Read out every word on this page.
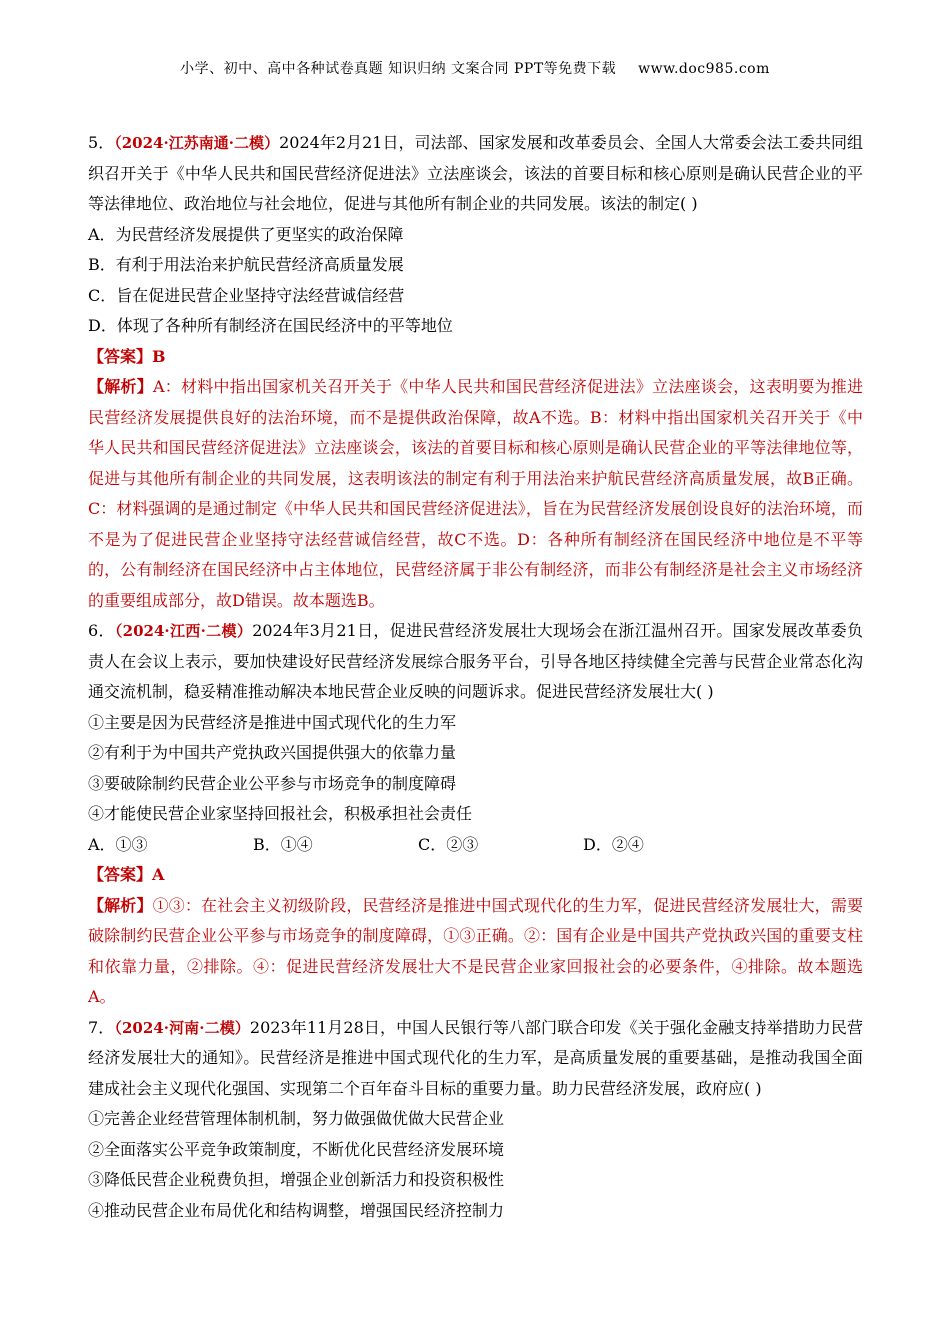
小学、初中、高中各种试卷真题 知识归纳 文案合同 PPT等免费下载 www.doc985.com

5．（2024·江苏南通·二模）2024年2月21日，司法部、国家发展和改革委员会、全国人大常委会法工委共同组织召开关于《中华人民共和国民营经济促进法》立法座谈会，该法的首要目标和核心原则是确认民营企业的平等法律地位、政治地位与社会地位，促进与其他所有制企业的共同发展。该法的制定( )

A．为民营经济发展提供了更坚实的政治保障

B．有利于用法治来护航民营经济高质量发展

C．旨在促进民营企业坚持守法经营诚信经营

D．体现了各种所有制经济在国民经济中的平等地位

【答案】B

【解析】A：材料中指出国家机关召开关于《中华人民共和国民营经济促进法》立法座谈会，这表明要为推进民营经济发展提供良好的法治环境，而不是提供政治保障，故A不选。B：材料中指出国家机关召开关于《中华人民共和国民营经济促进法》立法座谈会，该法的首要目标和核心原则是确认民营企业的平等法律地位等，促进与其他所有制企业的共同发展，这表明该法的制定有利于用法治来护航民营经济高质量发展，故B正确。C：材料强调的是通过制定《中华人民共和国民营经济促进法》，旨在为民营经济发展创设良好的法治环境，而不是为了促进民营企业坚持守法经营诚信经营，故C不选。D：各种所有制经济在国民经济中地位是不平等的，公有制经济在国民经济中占主体地位，民营经济属于非公有制经济，而非公有制经济是社会主义市场经济的重要组成部分，故D错误。故本题选B。

6．（2024·江西·二模）2024年3月21日，促进民营经济发展壮大现场会在浙江温州召开。国家发展改革委负责人在会议上表示，要加快建设好民营经济发展综合服务平台，引导各地区持续健全完善与民营企业常态化沟通交流机制，稳妥精准推动解决本地民营企业反映的问题诉求。促进民营经济发展壮大( )

①主要是因为民营经济是推进中国式现代化的生力军

②有利于为中国共产党执政兴国提供强大的依靠力量

③要破除制约民营企业公平参与市场竞争的制度障碍

④才能使民营企业家坚持回报社会，积极承担社会责任

A．①③	B．①④	C．②③	D．②④

【答案】A

【解析】①③：在社会主义初级阶段，民营经济是推进中国式现代化的生力军，促进民营经济发展壮大，需要破除制约民营企业公平参与市场竞争的制度障碍，①③正确。②：国有企业是中国共产党执政兴国的重要支柱和依靠力量，②排除。④：促进民营经济发展壮大不是民营企业家回报社会的必要条件，④排除。故本题选A。

7．（2024·河南·二模）2023年11月28日，中国人民银行等八部门联合印发《关于强化金融支持举措助力民营经济发展壮大的通知》。民营经济是推进中国式现代化的生力军，是高质量发展的重要基础，是推动我国全面建成社会主义现代化强国、实现第二个百年奋斗目标的重要力量。助力民营经济发展，政府应( )

①完善企业经营管理体制机制，努力做强做优做大民营企业

②全面落实公平竞争政策制度，不断优化民营经济发展环境

③降低民营企业税费负担，增强企业创新活力和投资积极性

④推动民营企业布局优化和结构调整，增强国民经济控制力
